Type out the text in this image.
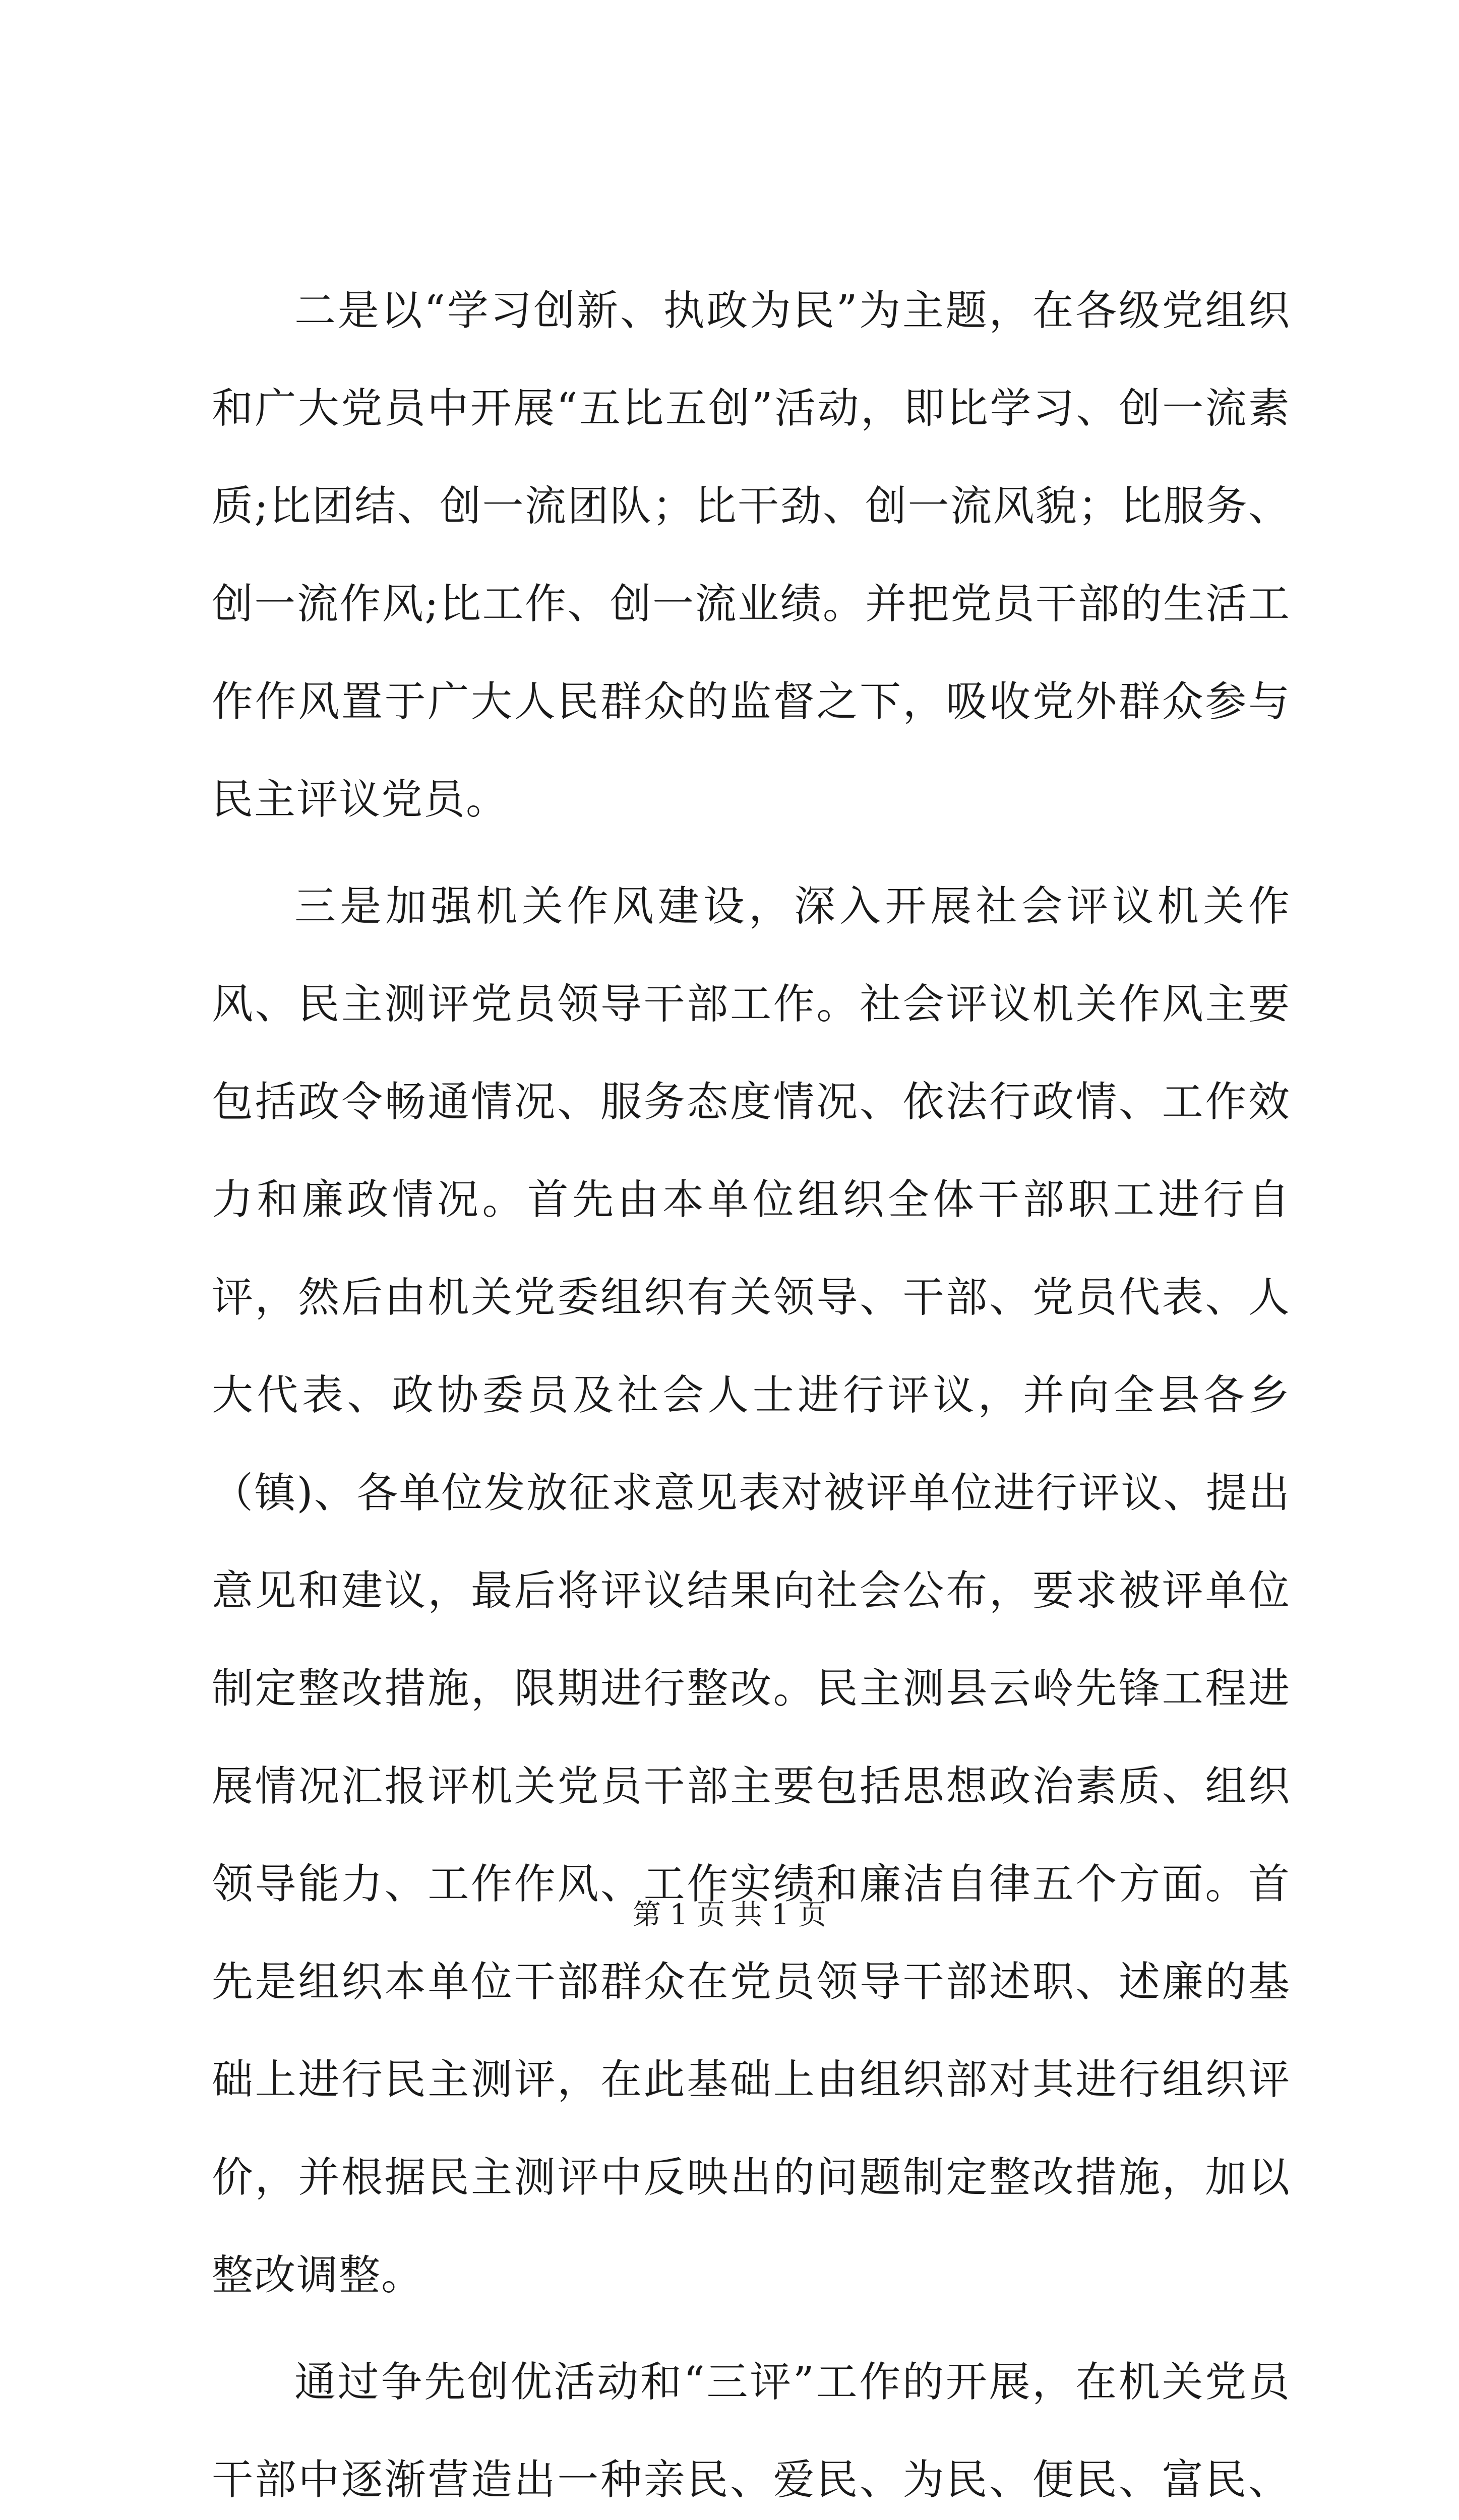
二是以“学习创新、执政为民”为主题，在各级党组织和广大党员中开展“五比五创”活动，即比学习、创一流素质;比团结、创一流团队；比干劲、创一流风貌；比服务、创一流作风;比工作、创一流业绩。并把党员干部的生活工作作风置于广大人民群众的监督之下，吸收党外群众参与民主评议党员。

三是加强机关作风建设，深入开展社会评议机关作风、民主测评党员领导干部工作。社会评议机关作风主要包括政令畅通情况、服务态度情况、依法行政情、工作效力和廉政情况。首先由本单位组织全体干部职工进行自评，然后由机关党委组织有关领导、干部、党员代表、人大代表、政协委员及社会人士进行评议，并向全县各乡（镇)、各单位发放征求意见表对被评单位进行评议、提出意见和建议，最后将评议结果向社会公布，要求被评单位制定整改措施，限期进行整改。民主测县云岭先锋工程进展情况汇报评机关党员干部主要包括思想政治素质、组织领导能力、工作作风、工作实绩和廉洁自律五个方面。首先是组织本单位干部群众在党员领导干部述职、述廉的基础上进行民主测评，在此基础上由组织部对其进行组织评价，并根据民主测评中反映出的问题制定整改措施，加以整改调整。

通过争先创优活动和“三评”工作的开展，在机关党员干部中逐渐营造出一种亲民、爱民、为民、便民、富民、

第 1 页 共 1 页
